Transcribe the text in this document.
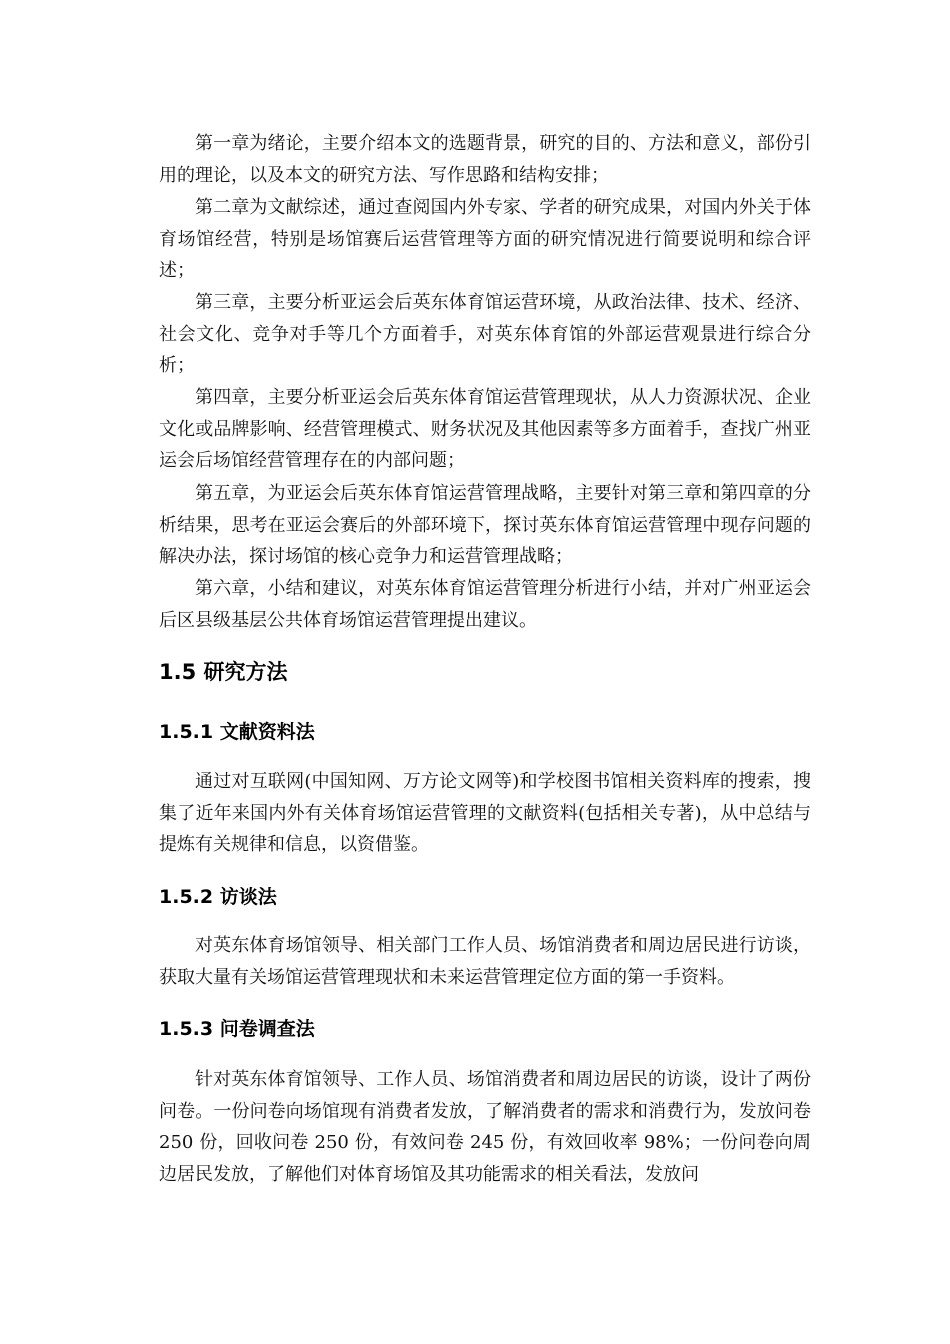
第一章为绪论，主要介绍本文的选题背景，研究的目的、方法和意义，部份引用的理论，以及本文的研究方法、写作思路和结构安排；

第二章为文献综述，通过查阅国内外专家、学者的研究成果，对国内外关于体育场馆经营，特别是场馆赛后运营管理等方面的研究情况进行简要说明和综合评述；

第三章，主要分析亚运会后英东体育馆运营环境，从政治法律、技术、经济、社会文化、竞争对手等几个方面着手，对英东体育馆的外部运营观景进行综合分析；

第四章，主要分析亚运会后英东体育馆运营管理现状，从人力资源状况、企业文化或品牌影响、经营管理模式、财务状况及其他因素等多方面着手，查找广州亚运会后场馆经营管理存在的内部问题；

第五章，为亚运会后英东体育馆运营管理战略，主要针对第三章和第四章的分析结果，思考在亚运会赛后的外部环境下，探讨英东体育馆运营管理中现存问题的解决办法，探讨场馆的核心竞争力和运营管理战略；

第六章，小结和建议，对英东体育馆运营管理分析进行小结，并对广州亚运会后区县级基层公共体育场馆运营管理提出建议。

1.5 研究方法
1.5.1 文献资料法

通过对互联网(中国知网、万方论文网等)和学校图书馆相关资料库的搜索，搜集了近年来国内外有关体育场馆运营管理的文献资料(包括相关专著)，从中总结与提炼有关规律和信息，以资借鉴。

1.5.2 访谈法

对英东体育场馆领导、相关部门工作人员、场馆消费者和周边居民进行访谈，获取大量有关场馆运营管理现状和未来运营管理定位方面的第一手资料。

1.5.3 问卷调查法

针对英东体育馆领导、工作人员、场馆消费者和周边居民的访谈，设计了两份问卷。一份问卷向场馆现有消费者发放，了解消费者的需求和消费行为，发放问卷 250 份，回收问卷 250 份，有效问卷 245 份，有效回收率 98%；一份问卷向周边居民发放，了解他们对体育场馆及其功能需求的相关看法，发放问
